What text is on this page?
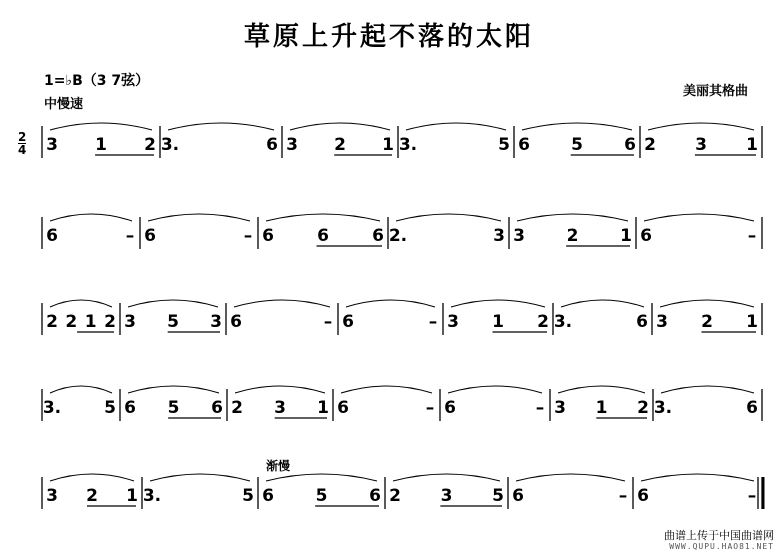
草原上升起不落的太阳
1=♭B（3 7弦）
中慢速
美丽其格曲
2
4
渐慢
3 1 2 3.	6 3 2 1 3.	5 6 5 6 2 3 1
6	– 6	– 6	6	6 2.	3 3 2 1 6	–
2 2 1 2 3 5 3 6	– 6	– 3 1 2 3.	6 3 2 1
3.	5 6 5 6 2 3 1 6	– 6	– 3 1 2 3.	6
3 2 1 3.	5 6 5 6 2 3 5 6	– 6	–
曲谱上传于中国曲谱网
WWW.QUPU.HAO81.NET
